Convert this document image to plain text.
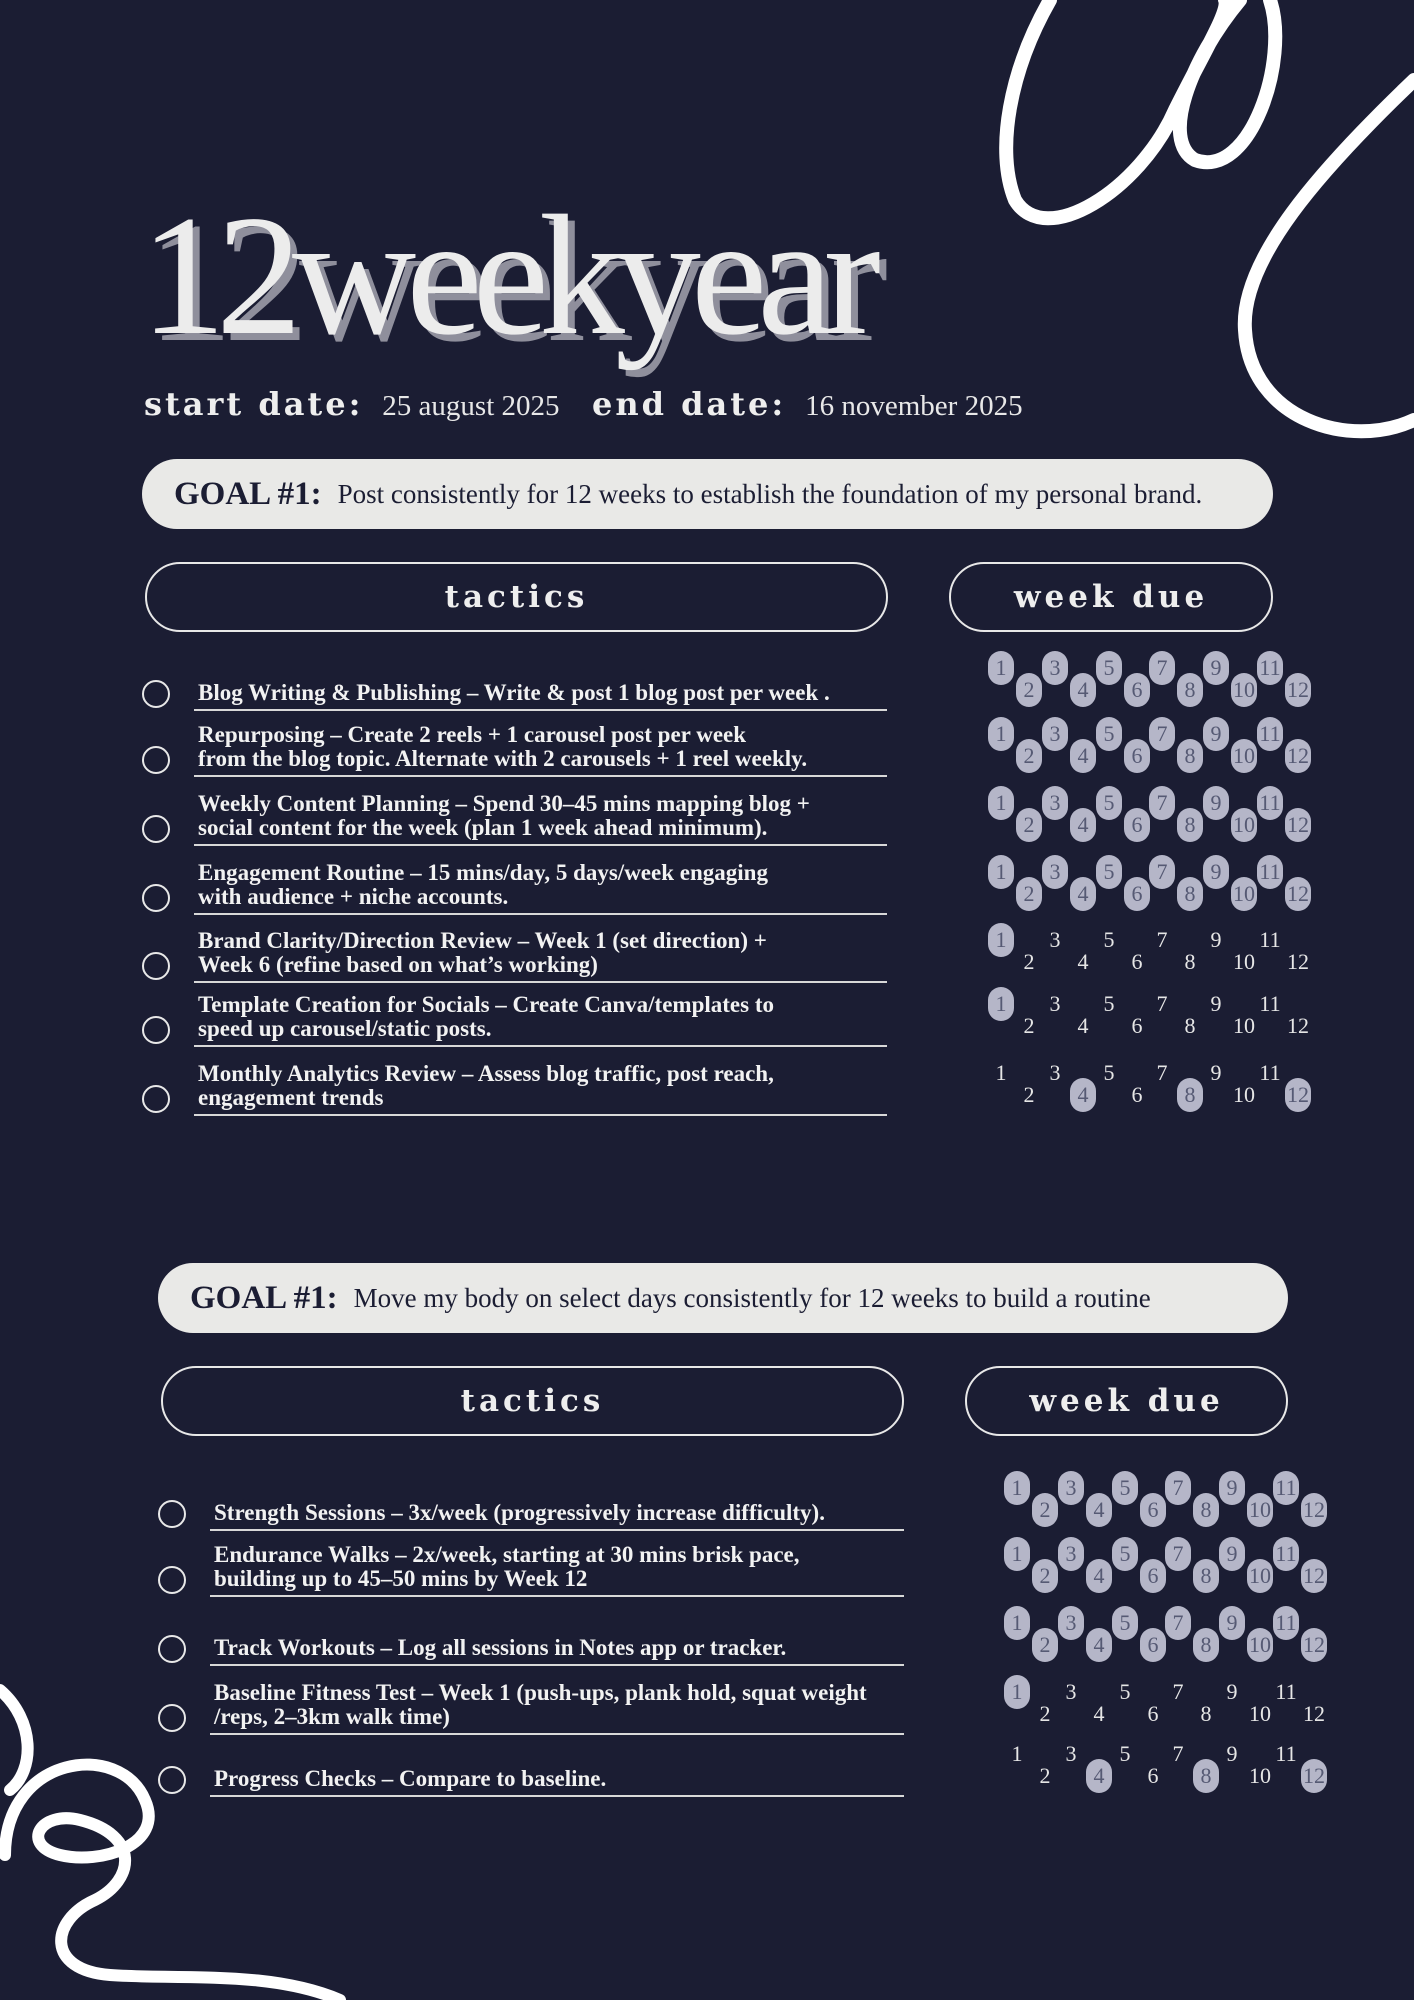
12weekyear
start date: 25 august 2025 end date: 16 november 2025
GOAL #1: Post consistently for 12 weeks to establish the foundation of my personal brand.
tactics	week due
Blog Writing & Publishing – Write & post 1 blog post per week .
1
2
3
4
5
6
7
8
9
10
11
12
Repurposing – Create 2 reels + 1 carousel post per week
from the blog topic. Alternate with 2 carousels + 1 reel weekly.
1
2
3
4
5
6
7
8
9
10
11
12
Weekly Content Planning – Spend 30–45 mins mapping blog +
social content for the week (plan 1 week ahead minimum).
1
2
3
4
5
6
7
8
9
10
11
12
Engagement Routine – 15 mins/day, 5 days/week engaging
with audience + niche accounts.
1
2
3
4
5
6
7
8
9
10
11
12
Brand Clarity/Direction Review – Week 1 (set direction) +
Week 6 (refine based on what’s working)
1
2
3
4
5
6
7
8
9
10
11
12
Template Creation for Socials – Create Canva/templates to
speed up carousel/static posts.
1
2
3
4
5
6
7
8
9
10
11
12
Monthly Analytics Review – Assess blog traffic, post reach,
engagement trends
1
2
3
4
5
6
7
8
9
10
11
12
GOAL #1: Move my body on select days consistently for 12 weeks to build a routine
tactics	week due
Strength Sessions – 3x/week (progressively increase difficulty).
1
2
3
4
5
6
7
8
9
10
11
12
Endurance Walks – 2x/week, starting at 30 mins brisk pace,
building up to 45–50 mins by Week 12
1
2
3
4
5
6
7
8
9
10
11
12
Track Workouts – Log all sessions in Notes app or tracker.
1
2
3
4
5
6
7
8
9
10
11
12
Baseline Fitness Test – Week 1 (push-ups, plank hold, squat weight
/reps, 2–3km walk time)
1
2
3
4
5
6
7
8
9
10
11
12
Progress Checks – Compare to baseline.
1
2
3
4
5
6
7
8
9
10
11
12
